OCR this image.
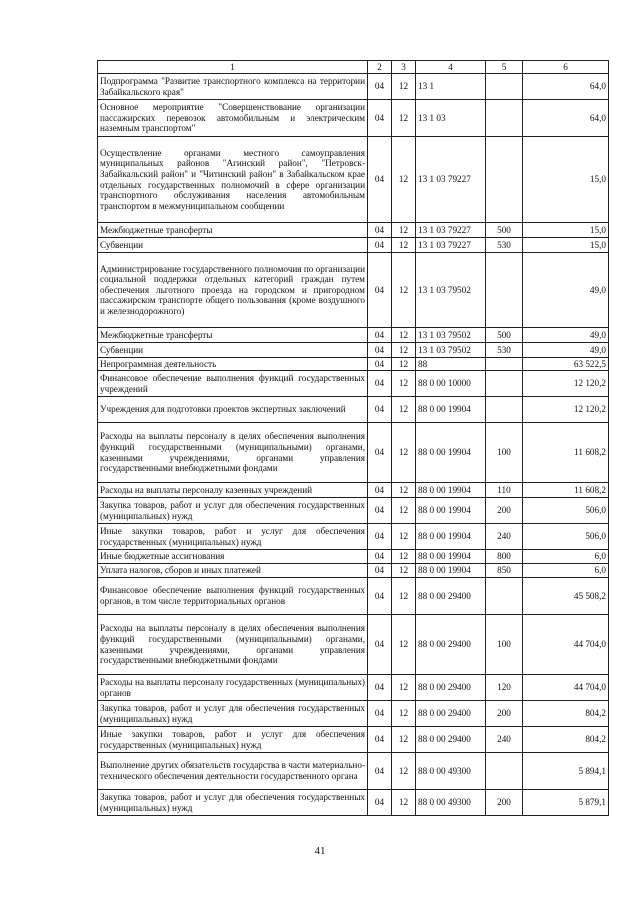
1	2	3	4	5	6
Подпрограмма "Развитие транспортного комплекса на территории Забайкальского края"	04	12	13 1		64,0
Основное мероприятие "Совершенствование организации пассажирских перевозок автомобильным и электрическим наземным транспортом"	04	12	13 1 03		64,0
Осуществление органами местного самоуправления муниципальных районов "Агинский район", "Петровск-Забайкальский район" и "Читинский район" в Забайкальском крае отдельных государственных полномочий в сфере организации транспортного обслуживания населения автомобильным транспортом в межмуниципальном сообщении	04	12	13 1 03 79227		15,0
Межбюджетные трансферты	04	12	13 1 03 79227	500	15,0
Субвенции	04	12	13 1 03 79227	530	15,0
Администрирование государственного полномочия по организации социальной поддержки отдельных категорий граждан путем обеспечения льготного проезда на городском и пригородном пассажирском транспорте общего пользования (кроме воздушного и железнодорожного)	04	12	13 1 03 79502		49,0
Межбюджетные трансферты	04	12	13 1 03 79502	500	49,0
Субвенции	04	12	13 1 03 79502	530	49,0
Непрограммная деятельность	04	12	88		63 522,5
Финансовое обеспечение выполнения функций государственных учреждений	04	12	88 0 00 10000		12 120,2
Учреждения для подготовки проектов экспертных заключений	04	12	88 0 00 19904		12 120,2
Расходы на выплаты персоналу в целях обеспечения выполнения функций государственными (муниципальными) органами, казенными учреждениями, органами управления государственными внебюджетными фондами	04	12	88 0 00 19904	100	11 608,2
Расходы на выплаты персоналу казенных учреждений	04	12	88 0 00 19904	110	11 608,2
Закупка товаров, работ и услуг для обеспечения государственных (муниципальных) нужд	04	12	88 0 00 19904	200	506,0
Иные закупки товаров, работ и услуг для обеспечения государственных (муниципальных) нужд	04	12	88 0 00 19904	240	506,0
Иные бюджетные ассигнования	04	12	88 0 00 19904	800	6,0
Уплата налогов, сборов и иных платежей	04	12	88 0 00 19904	850	6,0
Финансовое обеспечение выполнения функций государственных органов, в том числе территориальных органов	04	12	88 0 00 29400		45 508,2
Расходы на выплаты персоналу в целях обеспечения выполнения функций государственными (муниципальными) органами, казенными учреждениями, органами управления государственными внебюджетными фондами	04	12	88 0 00 29400	100	44 704,0
Расходы на выплаты персоналу государственных (муниципальных) органов	04	12	88 0 00 29400	120	44 704,0
Закупка товаров, работ и услуг для обеспечения государственных (муниципальных) нужд	04	12	88 0 00 29400	200	804,2
Иные закупки товаров, работ и услуг для обеспечения государственных (муниципальных) нужд	04	12	88 0 00 29400	240	804,2
Выполнение других обязательств государства в части материально-технического обеспечения деятельности государственного органа	04	12	88 0 00 49300		5 894,1
Закупка товаров, работ и услуг для обеспечения государственных (муниципальных) нужд	04	12	88 0 00 49300	200	5 879,1
41
